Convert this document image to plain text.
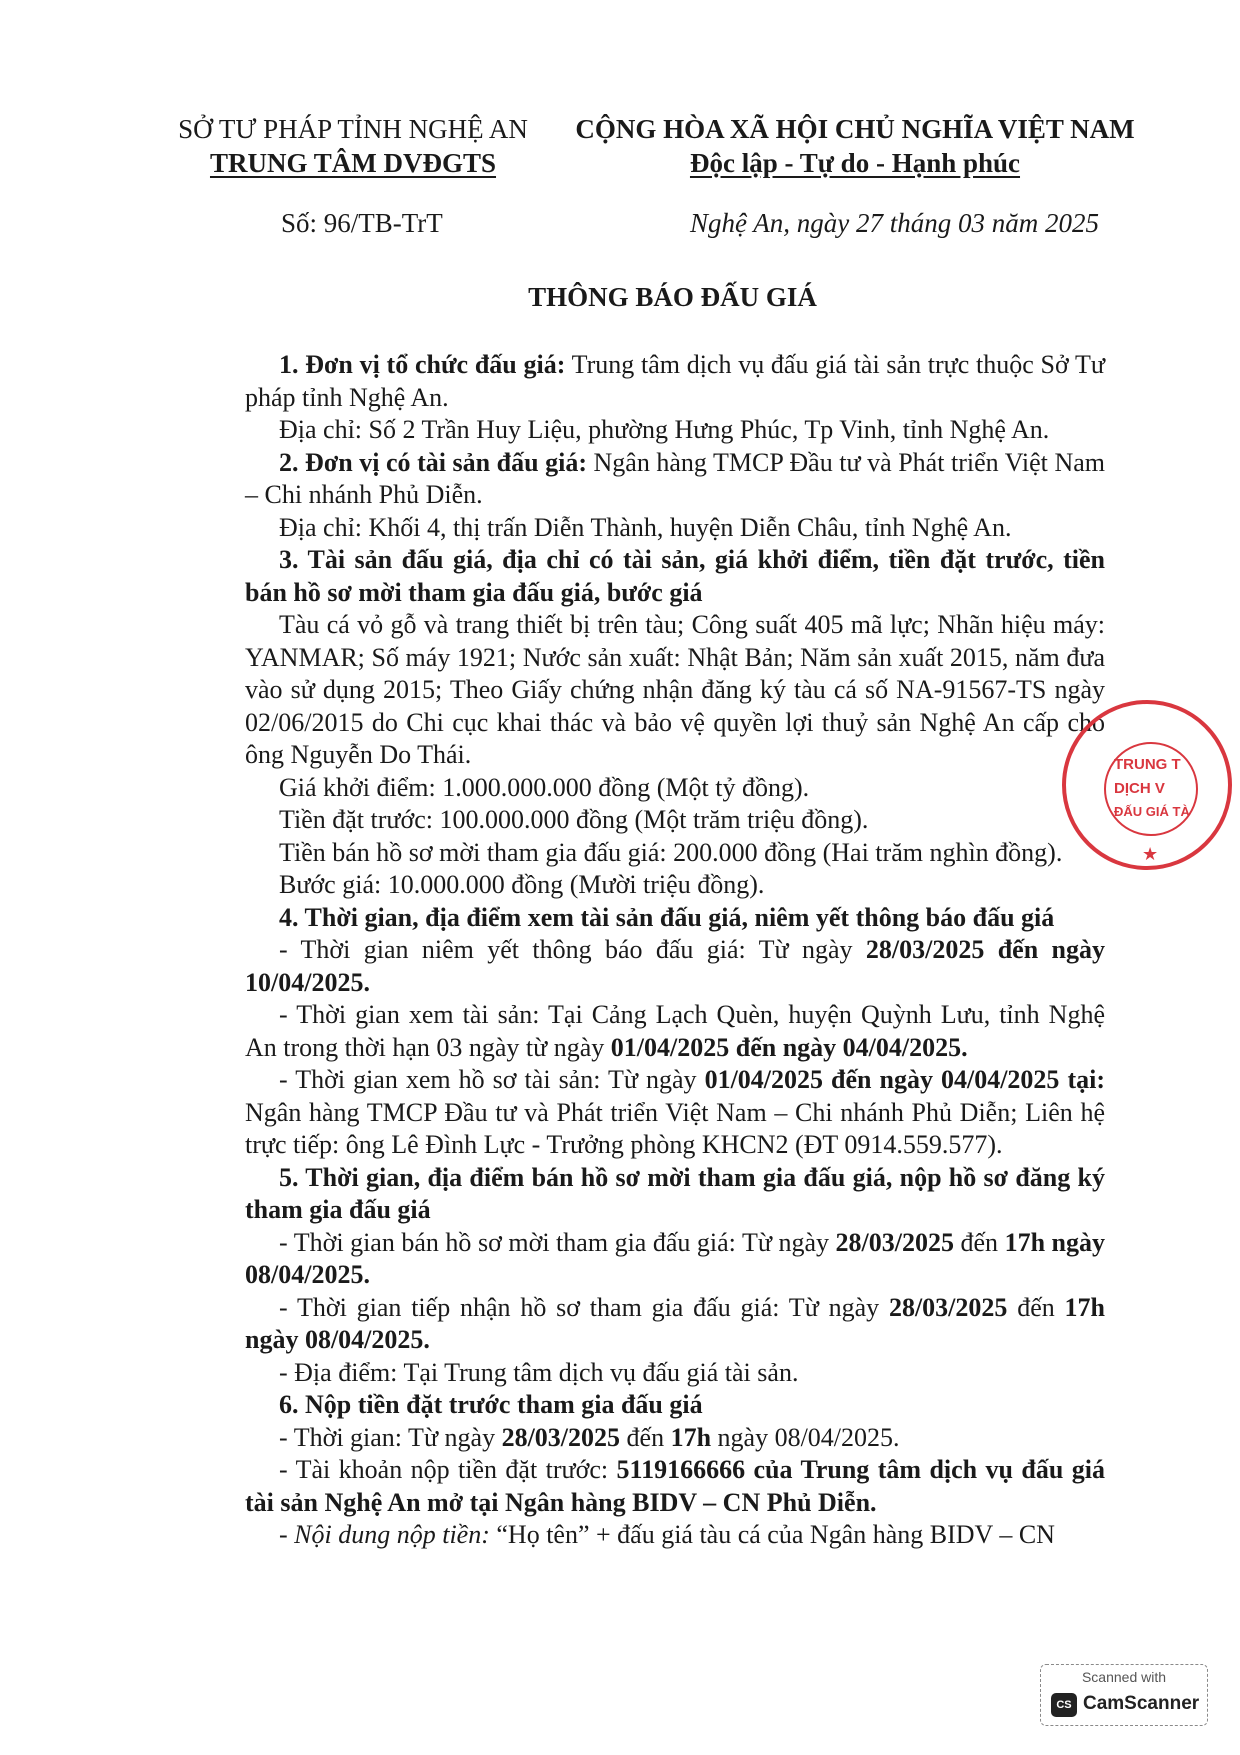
SỞ TƯ PHÁP TỈNH NGHỆ AN
TRUNG TÂM DVĐGTS
CỘNG HÒA XÃ HỘI CHỦ NGHĨA VIỆT NAM
Độc lập - Tự do - Hạnh phúc
Số: 96/TB-TrT	Nghệ An, ngày 27 tháng 03 năm 2025
THÔNG BÁO ĐẤU GIÁ

1. Đơn vị tổ chức đấu giá: Trung tâm dịch vụ đấu giá tài sản trực thuộc Sở Tư pháp tỉnh Nghệ An.

Địa chỉ: Số 2 Trần Huy Liệu, phường Hưng Phúc, Tp Vinh, tỉnh Nghệ An.

2. Đơn vị có tài sản đấu giá: Ngân hàng TMCP Đầu tư và Phát triển Việt Nam – Chi nhánh Phủ Diễn.

Địa chỉ: Khối 4, thị trấn Diễn Thành, huyện Diễn Châu, tỉnh Nghệ An.

3. Tài sản đấu giá, địa chỉ có tài sản, giá khởi điểm, tiền đặt trước, tiền bán hồ sơ mời tham gia đấu giá, bước giá

Tàu cá vỏ gỗ và trang thiết bị trên tàu; Công suất 405 mã lực; Nhãn hiệu máy: YANMAR; Số máy 1921; Nước sản xuất: Nhật Bản; Năm sản xuất 2015, năm đưa vào sử dụng 2015; Theo Giấy chứng nhận đăng ký tàu cá số NA-91567-TS ngày 02/06/2015 do Chi cục khai thác và bảo vệ quyền lợi thuỷ sản Nghệ An cấp cho ông Nguyễn Do Thái.

Giá khởi điểm: 1.000.000.000 đồng (Một tỷ đồng).

Tiền đặt trước: 100.000.000 đồng (Một trăm triệu đồng).

Tiền bán hồ sơ mời tham gia đấu giá: 200.000 đồng (Hai trăm nghìn đồng).

Bước giá: 10.000.000 đồng (Mười triệu đồng).

4. Thời gian, địa điểm xem tài sản đấu giá, niêm yết thông báo đấu giá

- Thời gian niêm yết thông báo đấu giá: Từ ngày 28/03/2025 đến ngày 10/04/2025.

- Thời gian xem tài sản: Tại Cảng Lạch Quèn, huyện Quỳnh Lưu, tỉnh Nghệ An trong thời hạn 03 ngày từ ngày 01/04/2025 đến ngày 04/04/2025.

- Thời gian xem hồ sơ tài sản: Từ ngày 01/04/2025 đến ngày 04/04/2025 tại: Ngân hàng TMCP Đầu tư và Phát triển Việt Nam – Chi nhánh Phủ Diễn; Liên hệ trực tiếp: ông Lê Đình Lực - Trưởng phòng KHCN2 (ĐT 0914.559.577).

5. Thời gian, địa điểm bán hồ sơ mời tham gia đấu giá, nộp hồ sơ đăng ký tham gia đấu giá

- Thời gian bán hồ sơ mời tham gia đấu giá: Từ ngày 28/03/2025 đến 17h ngày 08/04/2025.

- Thời gian tiếp nhận hồ sơ tham gia đấu giá: Từ ngày 28/03/2025 đến 17h ngày 08/04/2025.

- Địa điểm: Tại Trung tâm dịch vụ đấu giá tài sản.

6. Nộp tiền đặt trước tham gia đấu giá

- Thời gian: Từ ngày 28/03/2025 đến 17h ngày 08/04/2025.

- Tài khoản nộp tiền đặt trước: 5119166666 của Trung tâm dịch vụ đấu giá tài sản Nghệ An mở tại Ngân hàng BIDV – CN Phủ Diễn.

- Nội dung nộp tiền: “Họ tên” + đấu giá tàu cá của Ngân hàng BIDV – CN

TRUNG T
DỊCH V
ĐẤU GIÁ TÀ
★
Scanned with
CS CamScanner
